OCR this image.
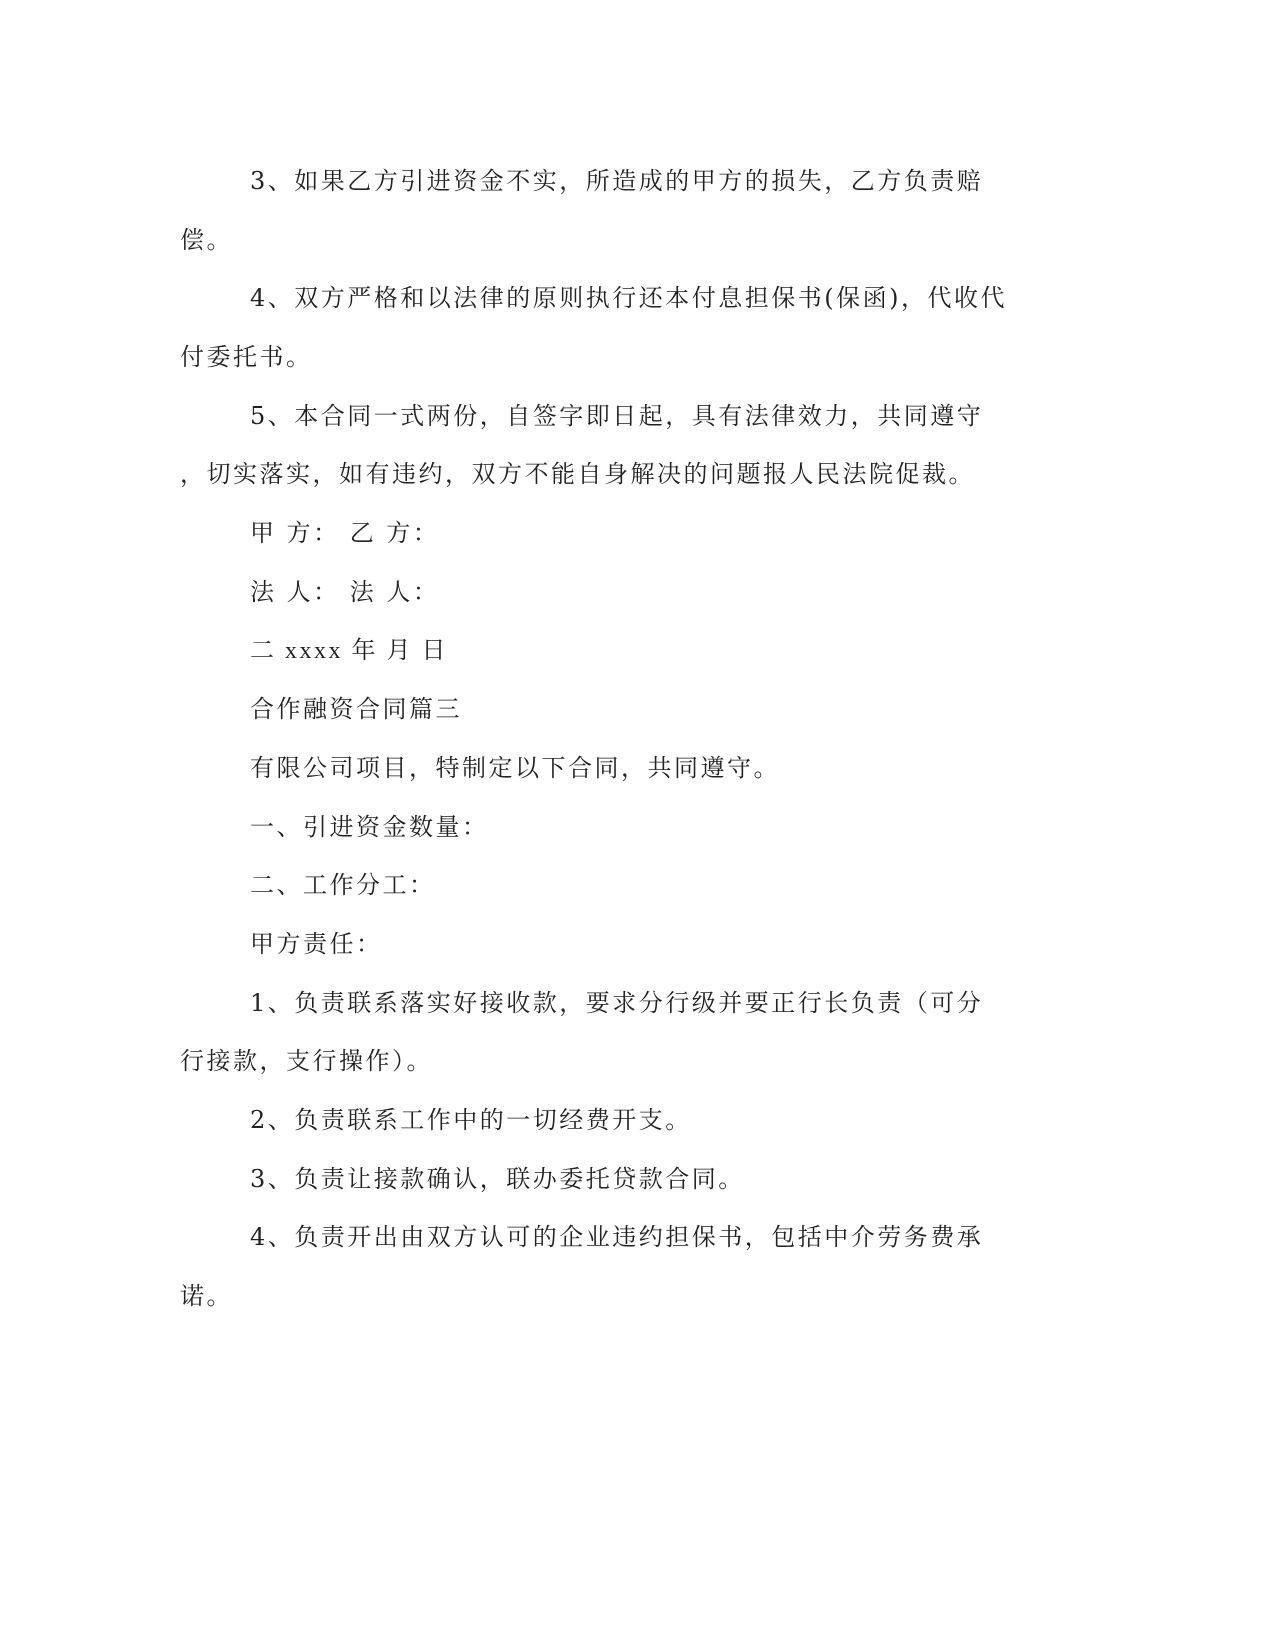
3、如果乙方引进资金不实，所造成的甲方的损失，乙方负责赔
偿。
4、双方严格和以法律的原则执行还本付息担保书(保函)，代收代
付委托书。
5、本合同一式两份，自签字即日起，具有法律效力，共同遵守
，切实落实，如有违约，双方不能自身解决的问题报人民法院促裁。
甲 方： 乙 方：
法 人： 法 人：
二 xxxx 年 月 日
合作融资合同篇三
有限公司项目，特制定以下合同，共同遵守。
一、引进资金数量：
二、工作分工：
甲方责任：
1、负责联系落实好接收款，要求分行级并要正行长负责（可分
行接款，支行操作）。
2、负责联系工作中的一切经费开支。
3、负责让接款确认，联办委托贷款合同。
4、负责开出由双方认可的企业违约担保书，包括中介劳务费承
诺。
